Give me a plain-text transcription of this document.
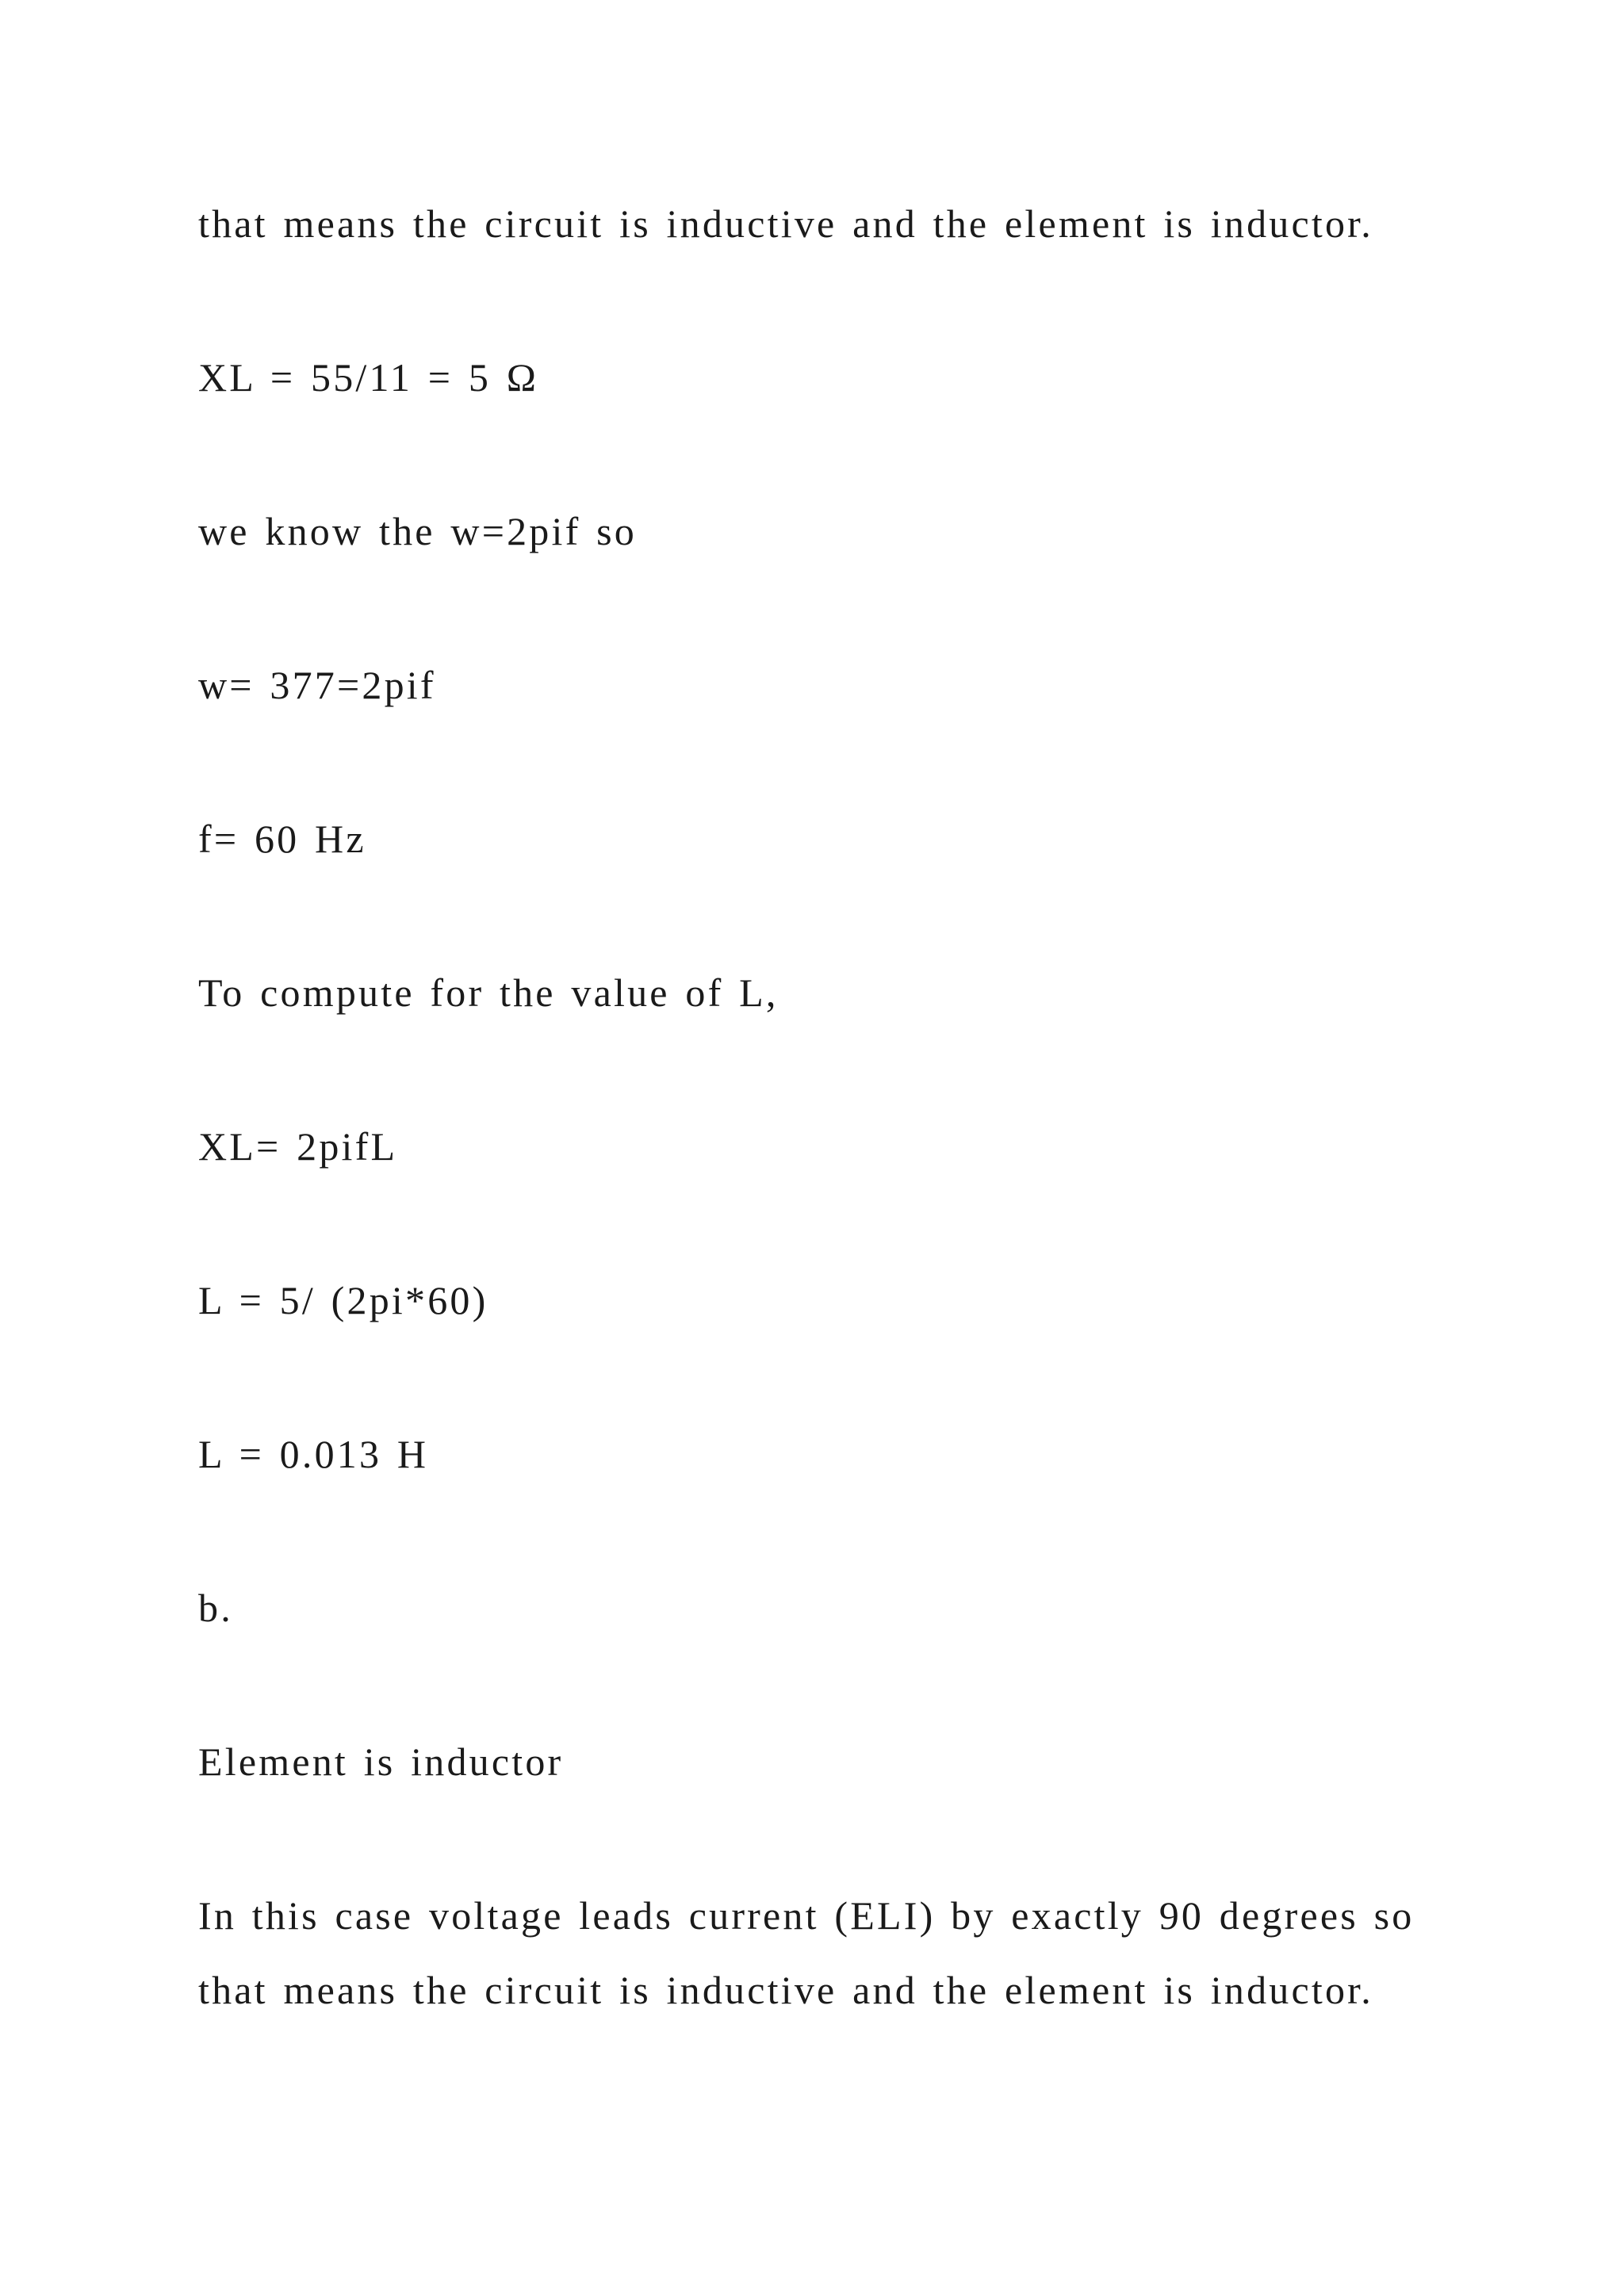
that means the circuit is inductive and the element is inductor.
XL = 55/11 = 5 Ω
we know the w=2pif so
w= 377=2pif
f= 60 Hz
To compute for the value of L,
XL= 2pifL
L = 5/ (2pi*60)
L = 0.013 H
b.
Element is inductor
In this case voltage leads current (ELI) by exactly 90 degrees so
that means the circuit is inductive and the element is inductor.
